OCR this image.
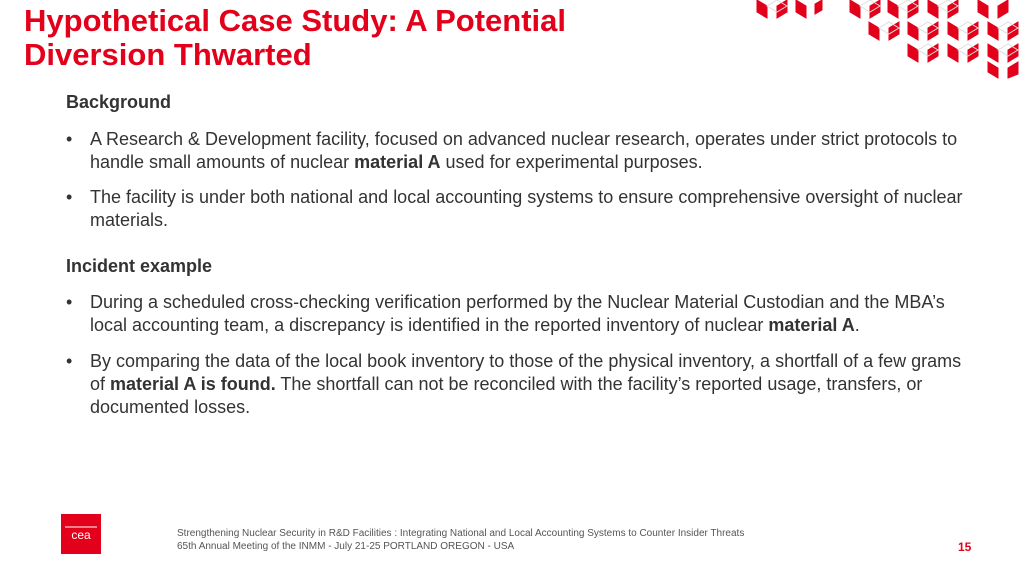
Hypothetical Case Study: A Potential Diversion Thwarted
Background
• A Research & Development facility, focused on advanced nuclear research, operates under strict protocols to handle small amounts of nuclear material A used for experimental purposes.
• The facility is under both national and local accounting systems to ensure comprehensive oversight of nuclear materials.
Incident example
• During a scheduled cross-checking verification performed by the Nuclear Material Custodian and the MBA’s local accounting team, a discrepancy is identified in the reported inventory of nuclear material A.
• By comparing the data of the local book inventory to those of the physical inventory, a shortfall of a few grams of material A is found. The shortfall can not be reconciled with the facility’s reported usage, transfers, or documented losses.
cea	Strengthening Nuclear Security in R&D Facilities : Integrating National and Local Accounting Systems to Counter Insider Threats
65th Annual Meeting of the INMM - July 21-25 PORTLAND OREGON - USA	15
